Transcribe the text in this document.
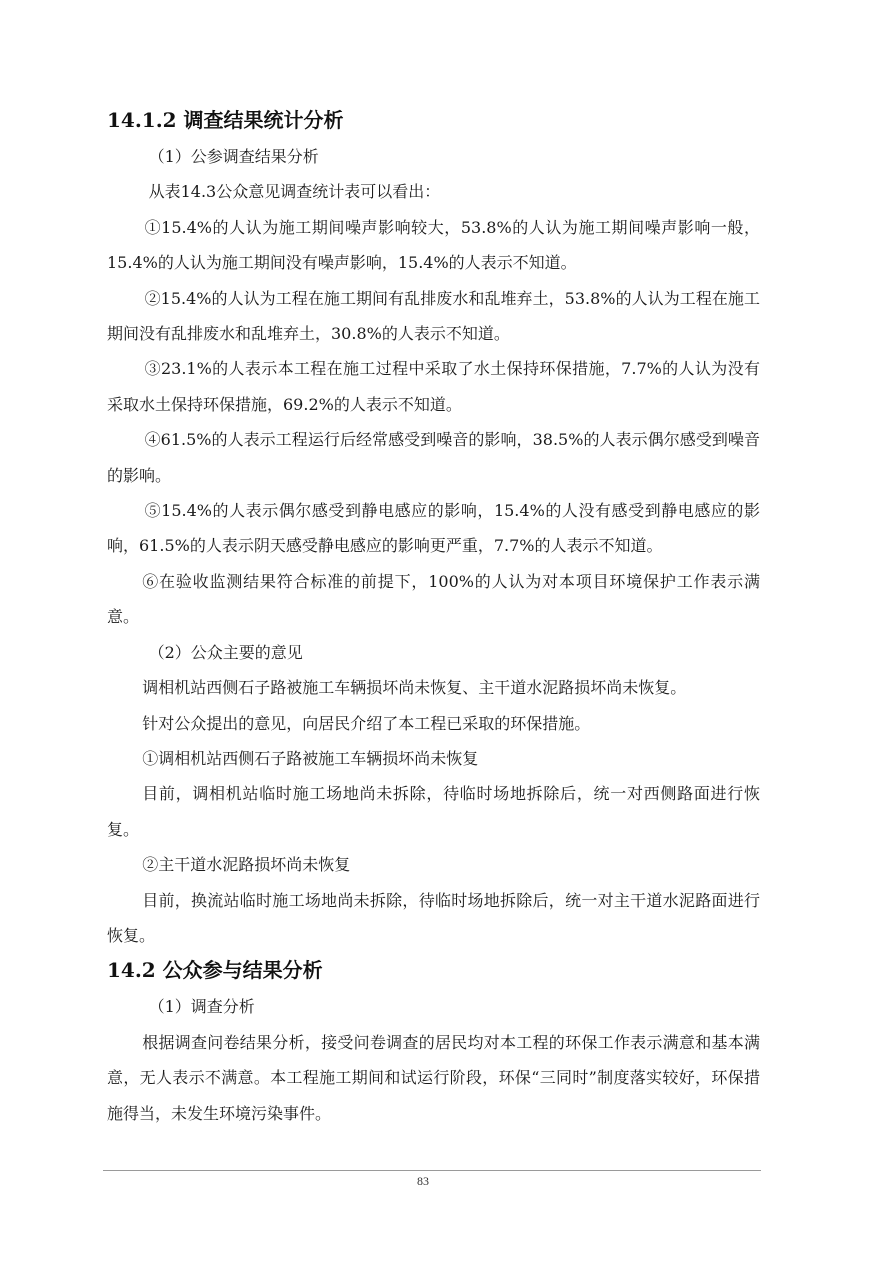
14.1.2 调查结果统计分析

（1）公参调查结果分析

从表14.3公众意见调查统计表可以看出：

①15.4%的人认为施工期间噪声影响较大，53.8%的人认为施工期间噪声影响一般，15.4%的人认为施工期间没有噪声影响，15.4%的人表示不知道。

②15.4%的人认为工程在施工期间有乱排废水和乱堆弃土，53.8%的人认为工程在施工期间没有乱排废水和乱堆弃土，30.8%的人表示不知道。

③23.1%的人表示本工程在施工过程中采取了水土保持环保措施，7.7%的人认为没有采取水土保持环保措施，69.2%的人表示不知道。

④61.5%的人表示工程运行后经常感受到噪音的影响，38.5%的人表示偶尔感受到噪音的影响。

⑤15.4%的人表示偶尔感受到静电感应的影响，15.4%的人没有感受到静电感应的影响，61.5%的人表示阴天感受静电感应的影响更严重，7.7%的人表示不知道。

⑥在验收监测结果符合标准的前提下，100%的人认为对本项目环境保护工作表示满意。

（2）公众主要的意见

调相机站西侧石子路被施工车辆损坏尚未恢复、主干道水泥路损坏尚未恢复。

针对公众提出的意见，向居民介绍了本工程已采取的环保措施。

①调相机站西侧石子路被施工车辆损坏尚未恢复

目前，调相机站临时施工场地尚未拆除，待临时场地拆除后，统一对西侧路面进行恢复。

②主干道水泥路损坏尚未恢复

目前，换流站临时施工场地尚未拆除，待临时场地拆除后，统一对主干道水泥路面进行恢复。

14.2 公众参与结果分析

（1）调查分析

根据调查问卷结果分析，接受问卷调查的居民均对本工程的环保工作表示满意和基本满意，无人表示不满意。本工程施工期间和试运行阶段，环保“三同时”制度落实较好，环保措施得当，未发生环境污染事件。

83
